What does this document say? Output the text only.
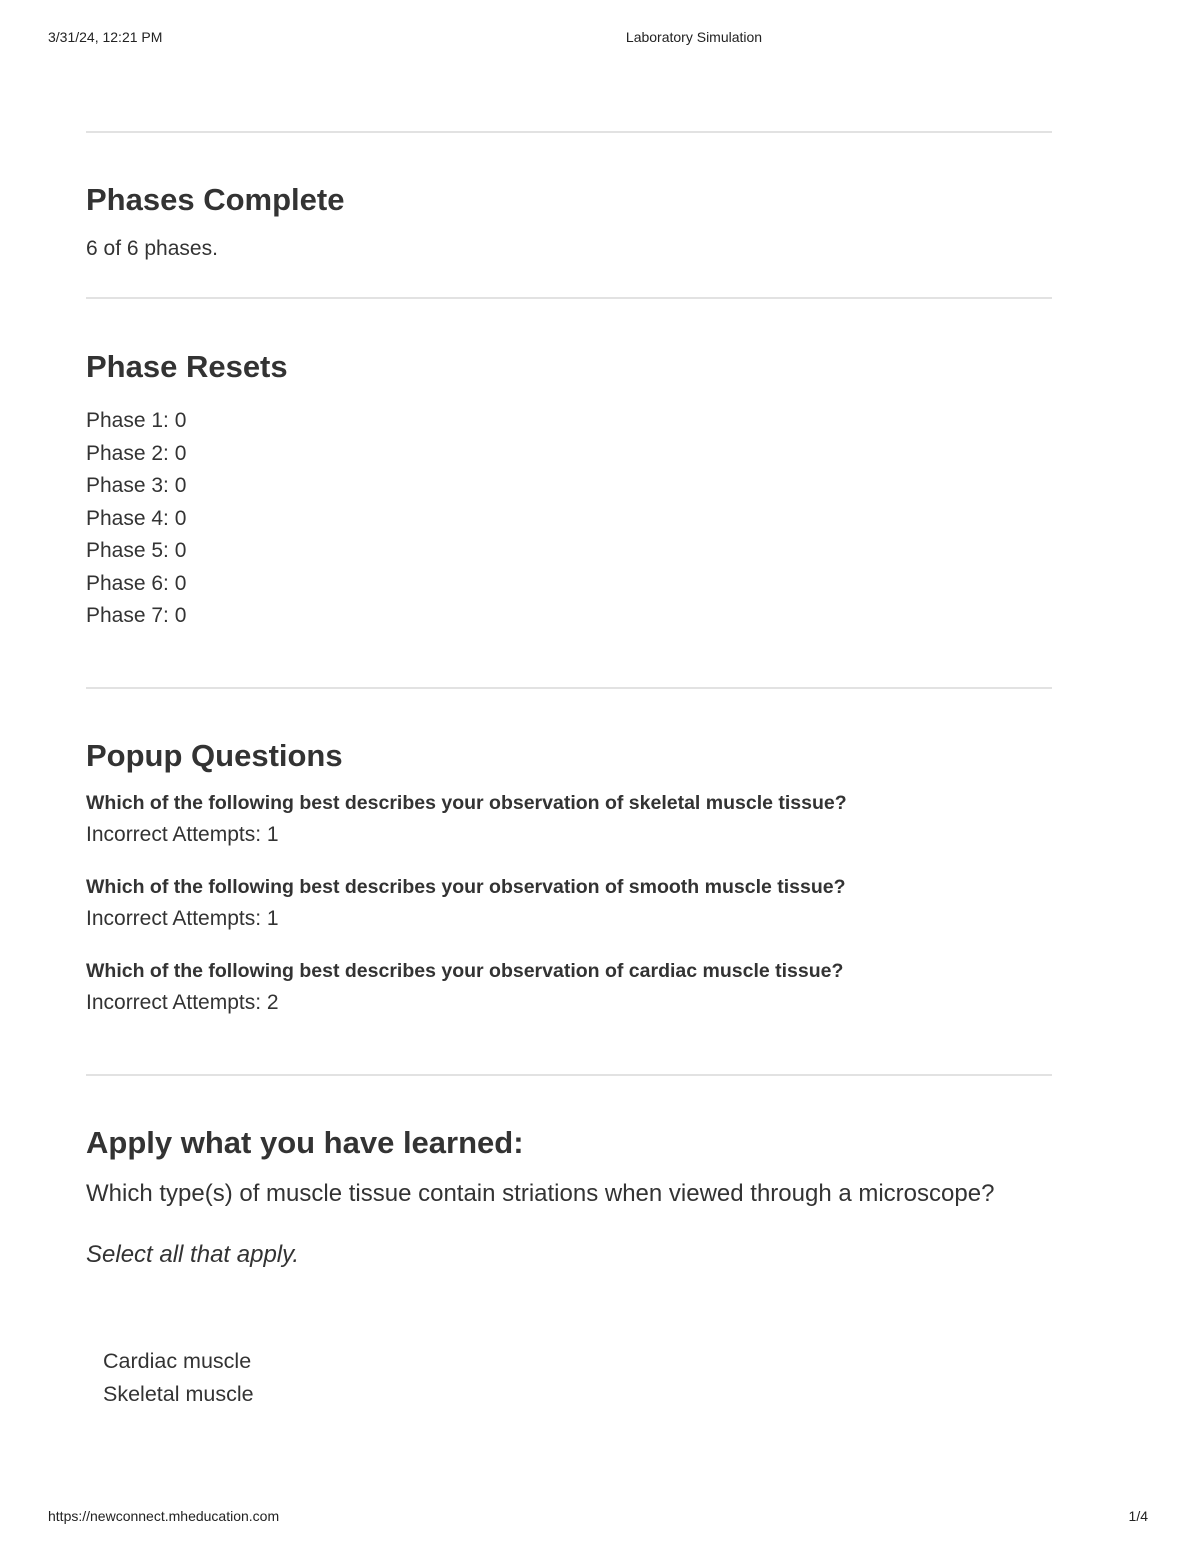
3/31/24, 12:21 PM	Laboratory Simulation
Phases Complete
6 of 6 phases.
Phase Resets
Phase 1: 0
Phase 2: 0
Phase 3: 0
Phase 4: 0
Phase 5: 0
Phase 6: 0
Phase 7: 0
Popup Questions
Which of the following best describes your observation of skeletal muscle tissue?
Incorrect Attempts: 1
Which of the following best describes your observation of smooth muscle tissue?
Incorrect Attempts: 1
Which of the following best describes your observation of cardiac muscle tissue?
Incorrect Attempts: 2
Apply what you have learned:
Which type(s) of muscle tissue contain striations when viewed through a microscope?
Select all that apply.
Cardiac muscle
Skeletal muscle
https://newconnect.mheducation.com	1/4
